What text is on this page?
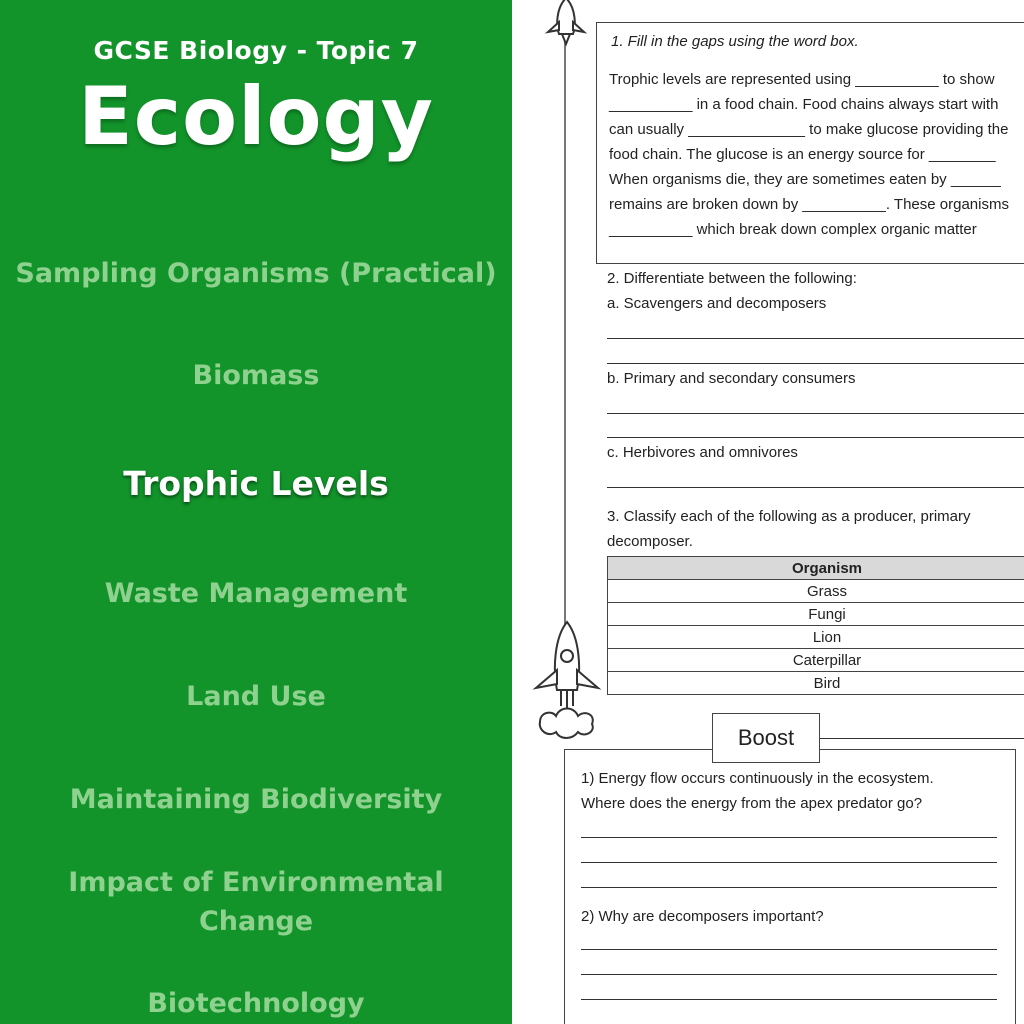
GCSE Biology - Topic 7
Ecology
Sampling Organisms (Practical)
Biomass
Trophic Levels
Waste Management
Land Use
Maintaining Biodiversity
Impact of Environmental Change
Biotechnology
1. Fill in the gaps using the word box.
Trophic levels are represented using __________ to show
__________ in a food chain. Food chains always start with
can usually ______________ to make glucose providing the
food chain. The glucose is an energy source for ________
When organisms die, they are sometimes eaten by ______
remains are broken down by __________. These organisms
__________ which break down complex organic matter
2. Differentiate between the following:
a. Scavengers and decomposers
b. Primary and secondary consumers
c. Herbivores and omnivores
3. Classify each of the following as a producer, primary
decomposer.
Organism
Grass
Fungi
Lion
Caterpillar
Bird
1) Energy flow occurs continuously in the ecosystem.
Where does the energy from the apex predator go?
2) Why are decomposers important?
Boost
